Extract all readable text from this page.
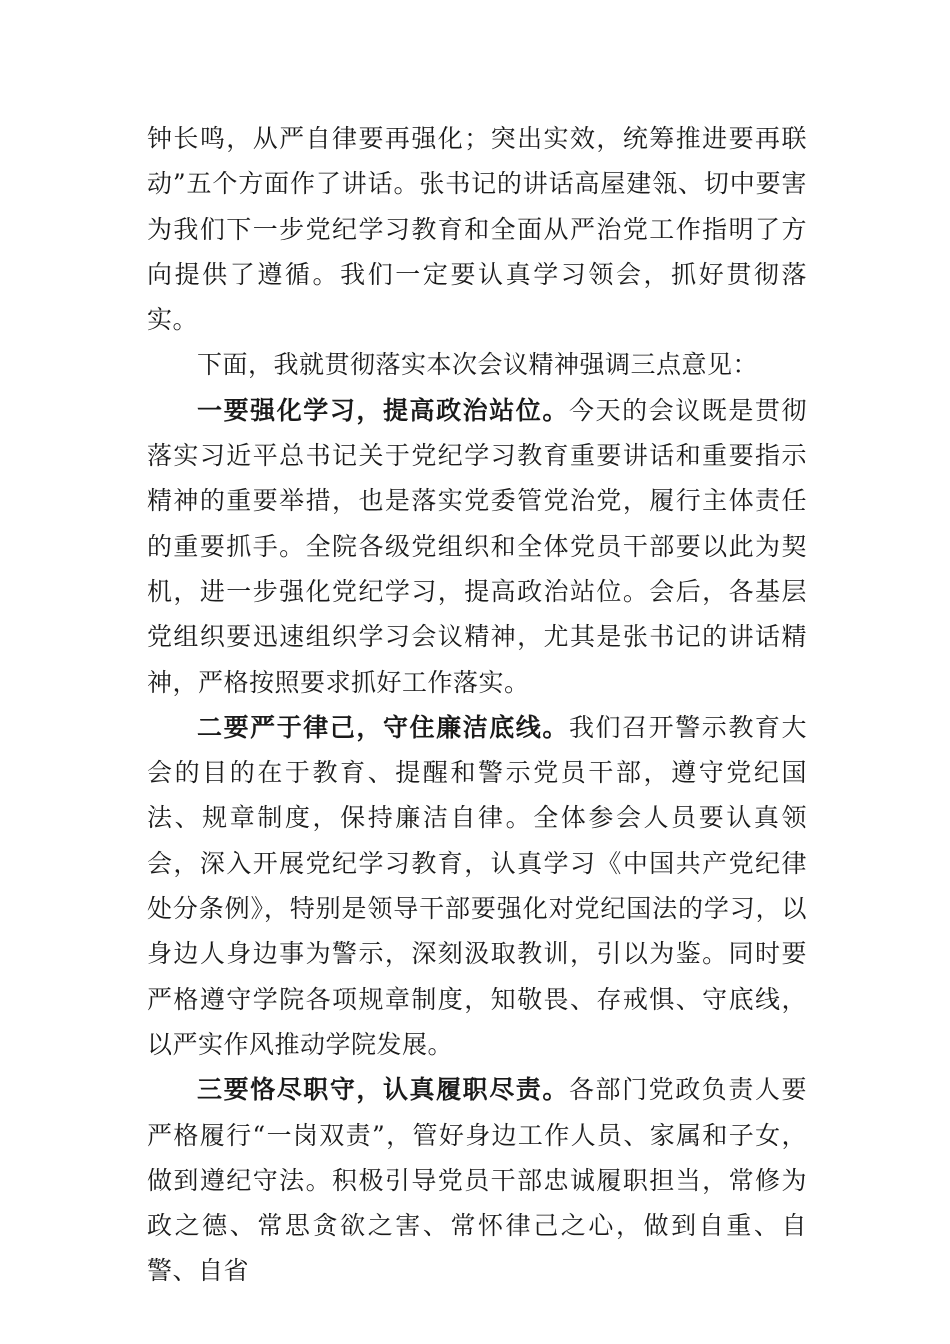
钟长鸣，从严自律要再强化；突出实效，统筹推进要再联动”五个方面作了讲话。张书记的讲话高屋建瓴、切中要害为我们下一步党纪学习教育和全面从严治党工作指明了方向提供了遵循。我们一定要认真学习领会，抓好贯彻落实。

下面，我就贯彻落实本次会议精神强调三点意见：

一要强化学习，提高政治站位。今天的会议既是贯彻落实习近平总书记关于党纪学习教育重要讲话和重要指示精神的重要举措，也是落实党委管党治党，履行主体责任的重要抓手。全院各级党组织和全体党员干部要以此为契机，进一步强化党纪学习，提高政治站位。会后，各基层党组织要迅速组织学习会议精神，尤其是张书记的讲话精神，严格按照要求抓好工作落实。

二要严于律己，守住廉洁底线。我们召开警示教育大会的目的在于教育、提醒和警示党员干部，遵守党纪国法、规章制度，保持廉洁自律。全体参会人员要认真领会，深入开展党纪学习教育，认真学习《中国共产党纪律处分条例》，特别是领导干部要强化对党纪国法的学习，以身边人身边事为警示，深刻汲取教训，引以为鉴。同时要严格遵守学院各项规章制度，知敬畏、存戒惧、守底线，以严实作风推动学院发展。

三要恪尽职守，认真履职尽责。各部门党政负责人要严格履行“一岗双责”，管好身边工作人员、家属和子女，做到遵纪守法。积极引导党员干部忠诚履职担当，常修为政之德、常思贪欲之害、常怀律己之心，做到自重、自警、自省
